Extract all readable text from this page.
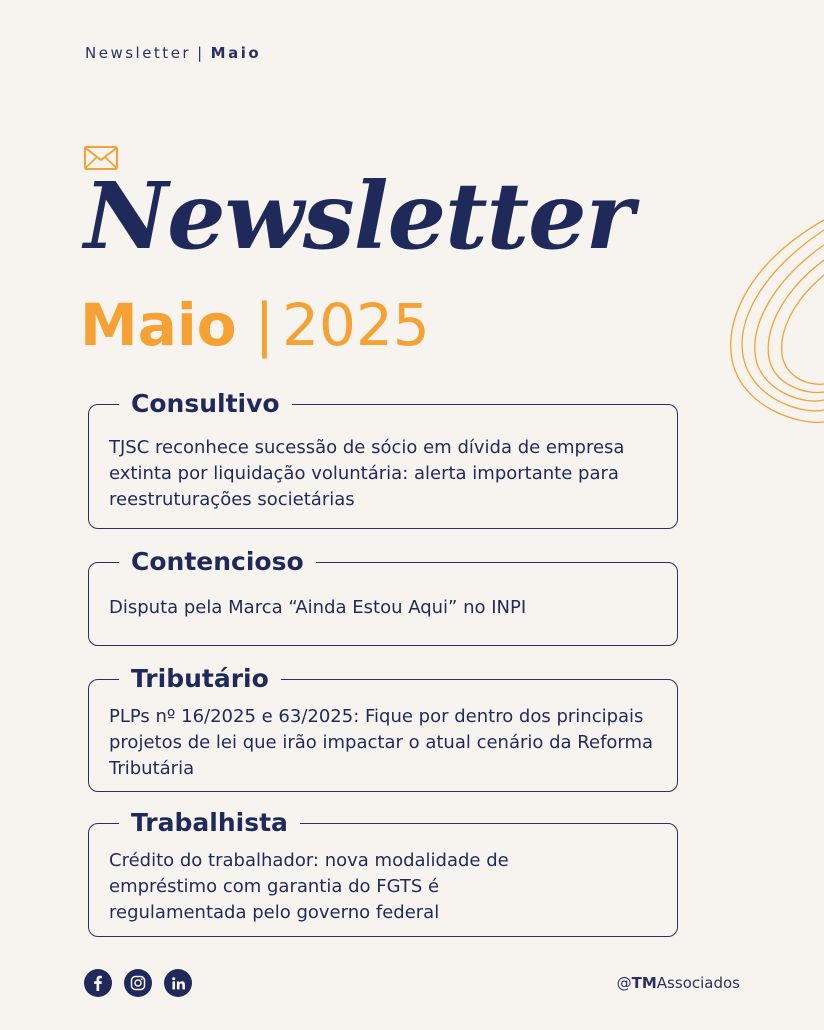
Newsletter | Maio
Newsletter
Maio | 2025
Consultivo
TJSC reconhece sucessão de sócio em dívida de empresa extinta por liquidação voluntária: alerta importante para reestruturações societárias
Contencioso
Disputa pela Marca “Ainda Estou Aqui” no INPI
Tributário
PLPs nº 16/2025 e 63/2025: Fique por dentro dos principais projetos de lei que irão impactar o atual cenário da Reforma Tributária
Trabalhista
Crédito do trabalhador: nova modalidade de empréstimo com garantia do FGTS é regulamentada pelo governo federal
@TMAssociados
